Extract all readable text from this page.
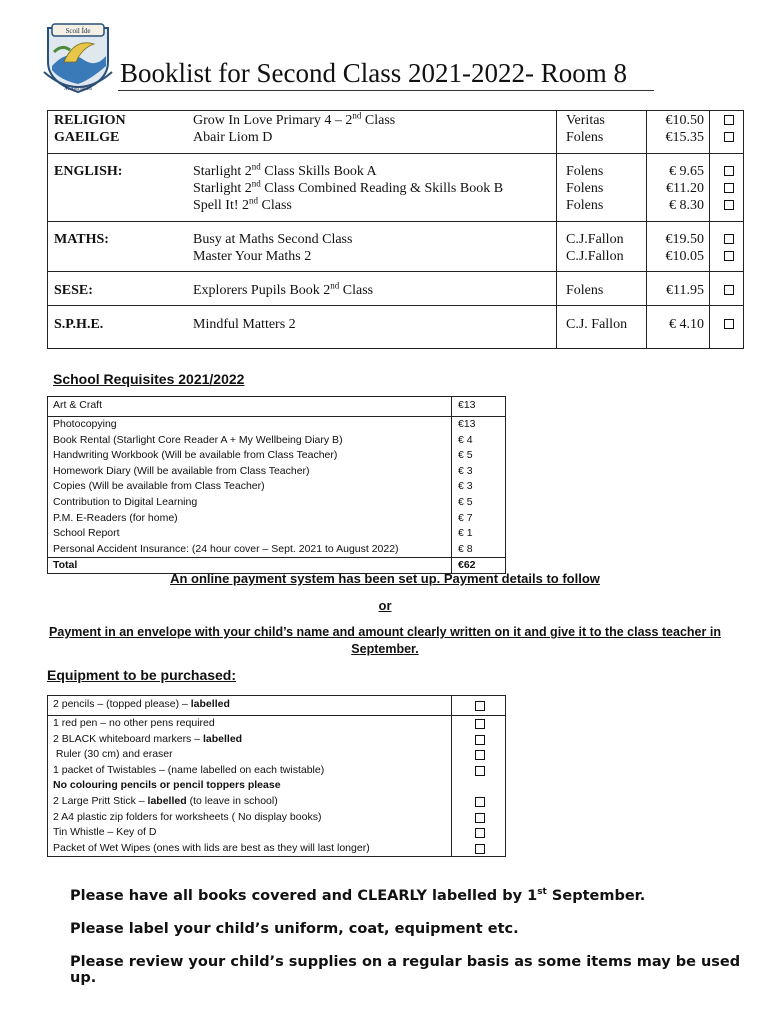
Scoil Íde
Ar Aon Intinn
Booklist for Second Class 2021-2022- Room 8
RELIGION	Grow In Love Primary 4 – 2nd Class	Veritas	€10.50
GAEILGE	Abair Liom D	Folens	€15.35
ENGLISH:	Starlight 2nd Class Skills Book A	Folens	€ 9.65
Starlight 2nd Class Combined Reading & Skills Book B	Folens	€11.20
Spell It! 2nd Class	Folens	€ 8.30
MATHS:	Busy at Maths Second Class	C.J.Fallon	€19.50
Master Your Maths 2	C.J.Fallon	€10.05
SESE:	Explorers Pupils Book 2nd Class	Folens	€11.95
S.P.H.E.	Mindful Matters 2	C.J. Fallon	€ 4.10
School Requisites 2021/2022
Art & Craft	€13
Photocopying	€13
Book Rental (Starlight Core Reader A + My Wellbeing Diary B)	€ 4
Handwriting Workbook (Will be available from Class Teacher)	€ 5
Homework Diary (Will be available from Class Teacher)	€ 3
Copies (Will be available from Class Teacher)	€ 3
Contribution to Digital Learning	€ 5
P.M. E-Readers (for home)	€ 7
School Report	€ 1
Personal Accident Insurance: (24 hour cover – Sept. 2021 to August 2022)	€ 8
Total	€62
An online payment system has been set up. Payment details to follow
or
Payment in an envelope with your child’s name and amount clearly written on it and give it to the class teacher in September.
Equipment to be purchased:
2 pencils – (topped please) – labelled
1 red pen – no other pens required
2 BLACK whiteboard markers – labelled
Ruler (30 cm) and eraser
1 packet of Twistables – (name labelled on each twistable)
No colouring pencils or pencil toppers please
2 Large Pritt Stick – labelled (to leave in school)
2 A4 plastic zip folders for worksheets ( No display books)
Tin Whistle – Key of D
Packet of Wet Wipes (ones with lids are best as they will last longer)
Please have all books covered and CLEARLY labelled by 1st September.
Please label your child’s uniform, coat, equipment etc.
Please review your child’s supplies on a regular basis as some items may be used up.
